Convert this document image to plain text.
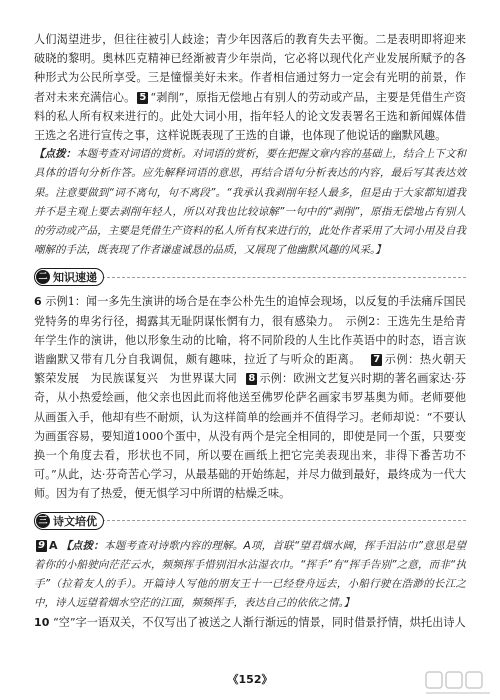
人们渴望进步，但往往被引人歧途；青少年因落后的教育失去平衡。二是表明即将迎来破晓的黎明。奥林匹克精神已经渐被青少年崇尚，它必将以现代化产业发展所赋予的各种形式为公民所享受。三是憧憬美好未来。作者相信通过努力一定会有光明的前景，作者对未来充满信心。 5 “剥削”，原指无偿地占有别人的劳动或产品，主要是凭借生产资料的私人所有权来进行的。此处大词小用，指年轻人的论文发表署名王选和新闻媒体借王选之名进行宣传之事，这样说既表现了王选的自谦，也体现了他说话的幽默风趣。

【点拨：本题考查对词语的赏析。对词语的赏析，要在把握文章内容的基础上，结合上下文和具体的语句分析作答。应先解释词语的意思，再结合语句分析表达的内容，最后写其表达效果。注意要做到“词不离句，句不离段”。“我承认我剥削年轻人最多，但是由于大家都知道我并不是主观上要去剥削年轻人，所以对我也比较谅解”一句中的“剥削”，原指无偿地占有别人的劳动或产品，主要是凭借生产资料的私人所有权来进行的，此处作者采用了大词小用及自我嘲解的手法，既表现了作者谦虚诚恳的品质，又展现了他幽默风趣的风采。】

二 知识速递

6 示例1：闻一多先生演讲的场合是在李公朴先生的追悼会现场，以反复的手法痛斥国民党特务的卑劣行径，揭露其无耻阴谋怅惘有力，很有感染力。　示例2：王选先生是给青年学生作的演讲，他以形象生动的比喻，将不同阶段的人生比作英语中的时态，语言诙谐幽默又带有几分自我调侃，颇有趣味，拉近了与听众的距离。 7 示例：热火朝天　繁荣发展　为民族谋复兴　为世界谋大同 8 示例：欧洲文艺复兴时期的著名画家达·芬奇，从小热爱绘画，他父亲也因此而将他送至佛罗伦萨名画家韦罗基奥为师。老师要他从画蛋入手，他却有些不耐烦，认为这样简单的绘画并不值得学习。老师却说：“不要认为画蛋容易，要知道1000个蛋中，从没有两个是完全相同的，即使是同一个蛋，只要变换一个角度去看，形状也不同，所以要在画纸上把它完美表现出来，非得下番苦功不可。”从此，达·芬奇苦心学习，从最基础的开始练起，并尽力做到最好，最终成为一代大师。因为有了热爱，便无惧学习中所谓的枯燥乏味。

三 诗文培优

9 A 【点拨：本题考查对诗歌内容的理解。A项，首联“望君烟水阔，挥手泪沾巾”意思是望着你的小船驶向茫茫云水，频频挥手惜别泪水沾湿衣巾。“挥手”有“挥手告别”之意，而非“执手”（拉着友人的手）。开篇诗人写他的朋友王十一已经登舟远去，小船行驶在浩渺的长江之中，诗人远望着烟水空茫的江面，频频挥手，表达自己的依依之情。】

10 “空”字一语双关，不仅写出了被送之人渐行渐远的情景，同时借景抒情，烘托出诗人

《152》
